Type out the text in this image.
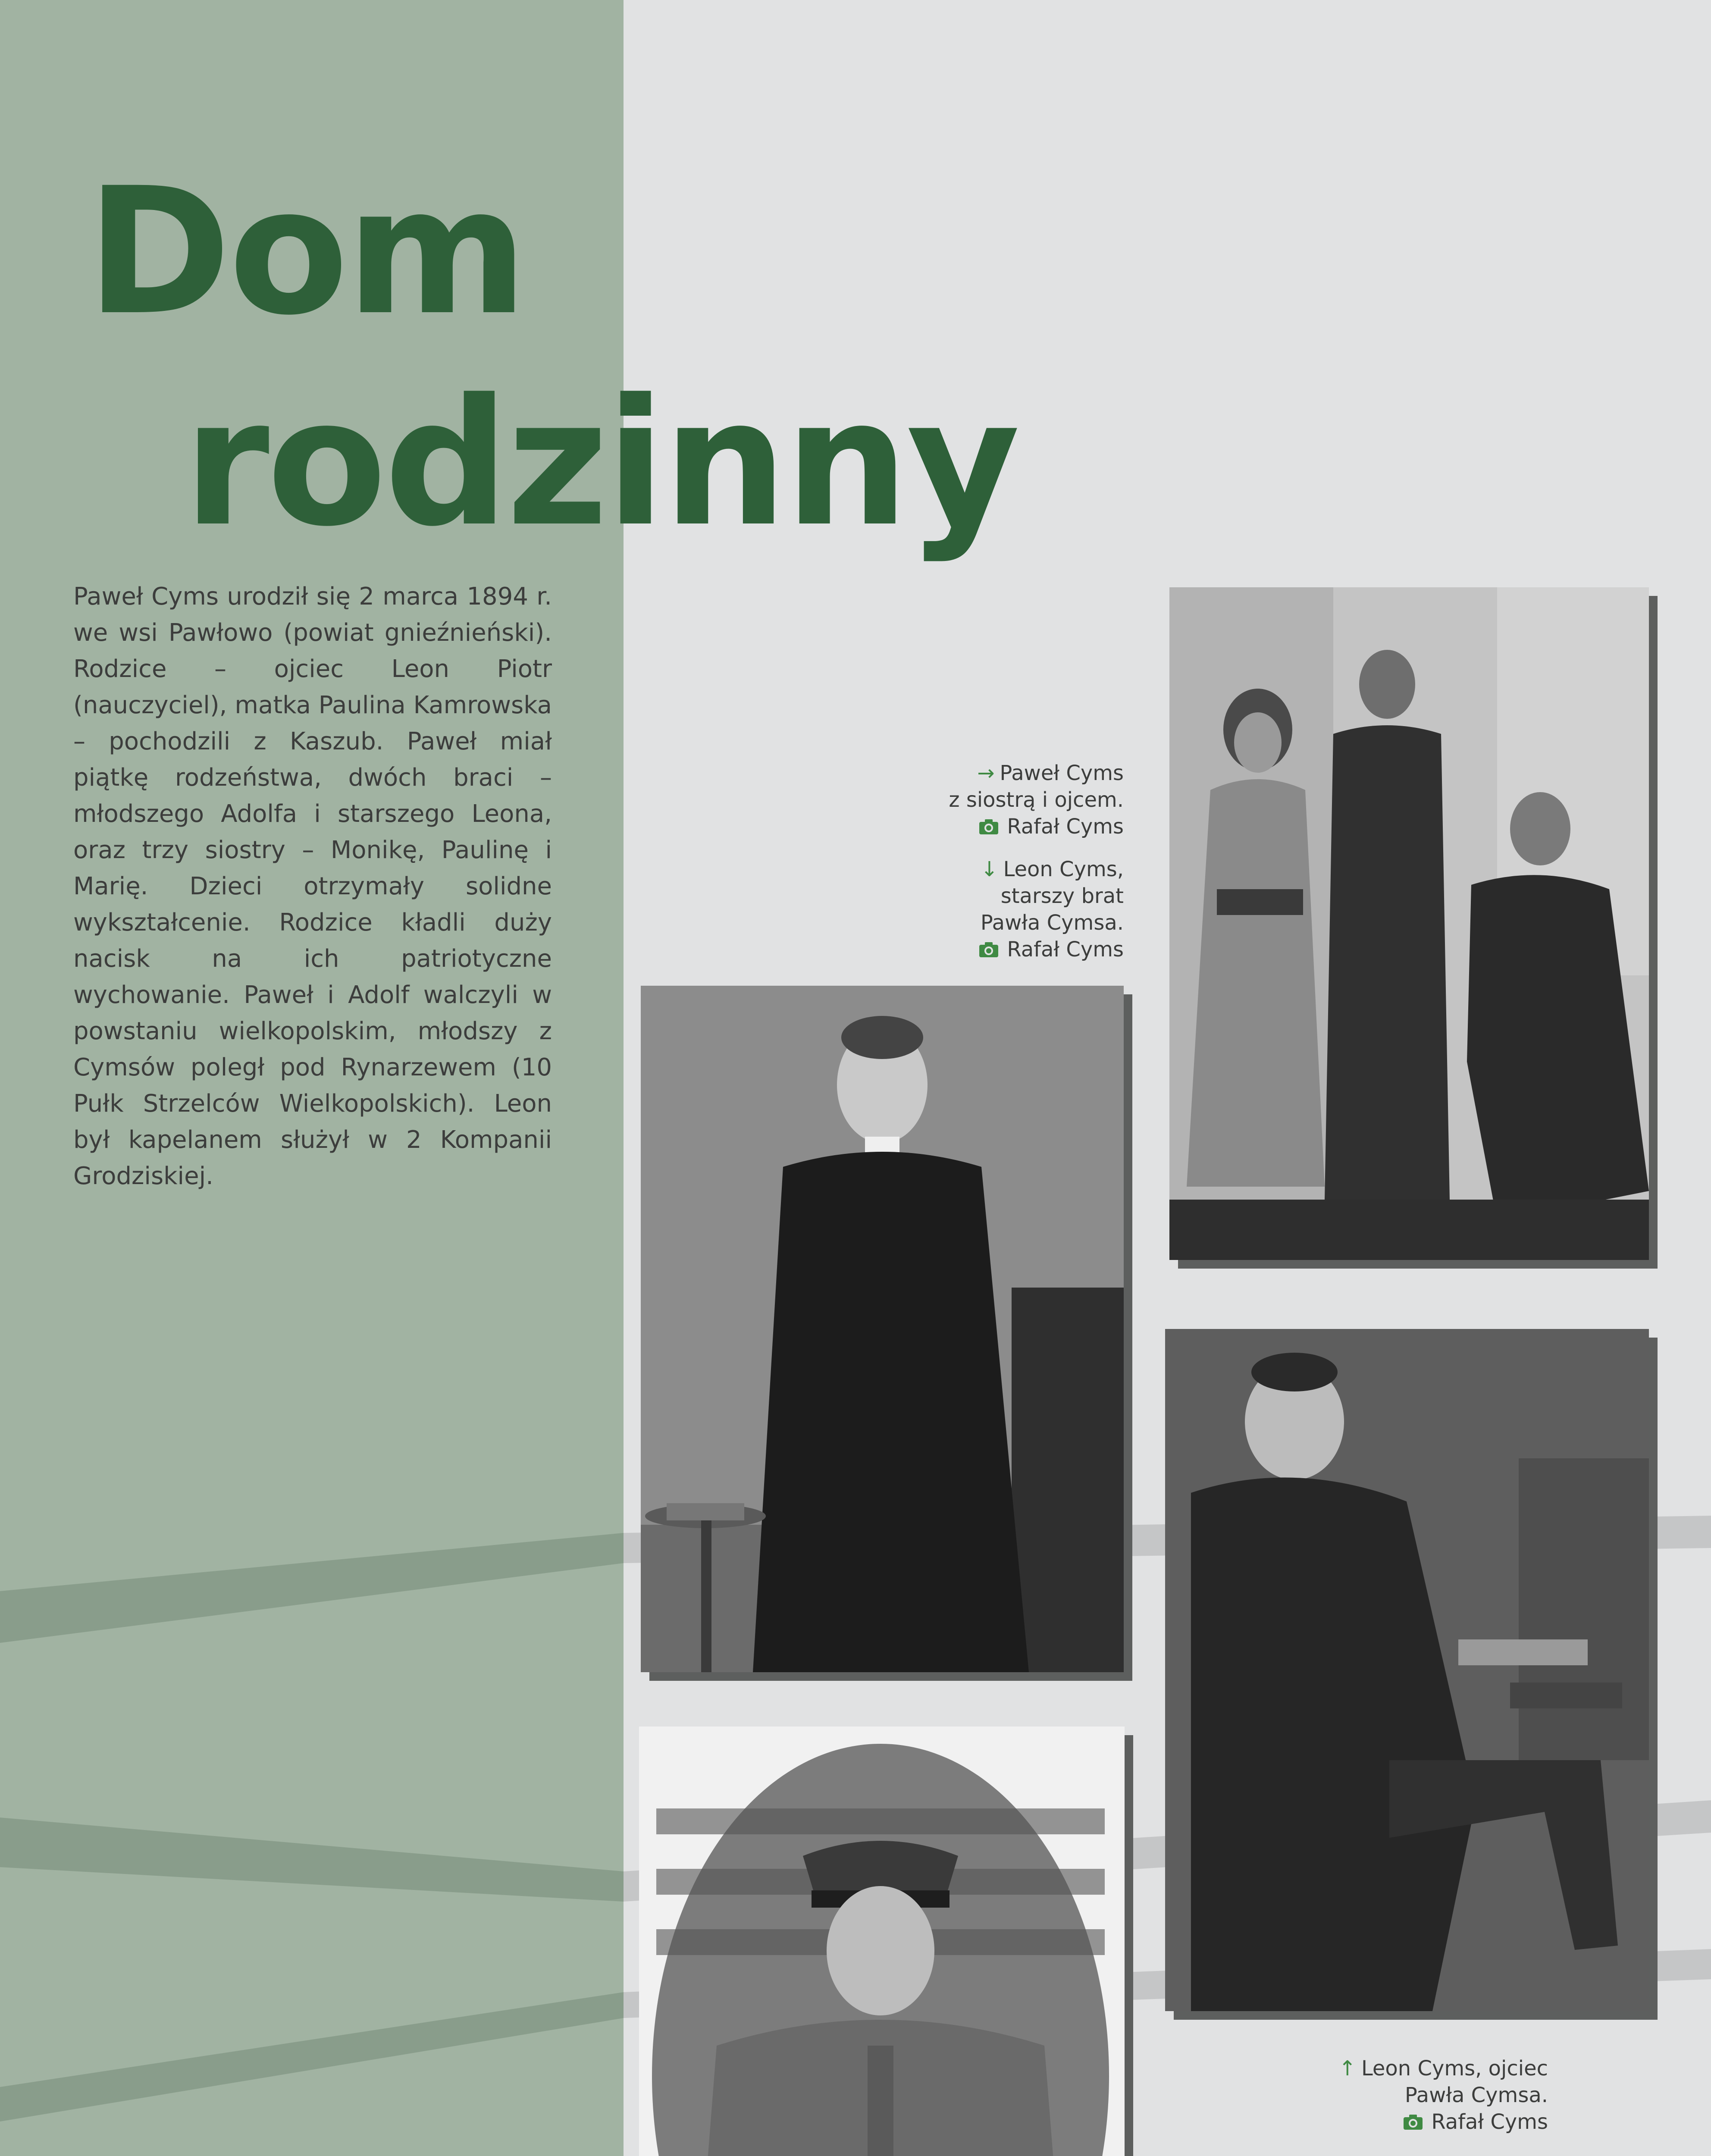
Dom
rodzinny

Paweł Cyms urodził się 2 marca 1894 r. we wsi Pawłowo (powiat gnieźnieński). Rodzice – ojciec Leon Piotr (nauczyciel), matka Paulina Kamrowska – pochodzili z Kaszub. Paweł miał piątkę rodzeństwa, dwóch braci – młodszego Adolfa i starszego Leona, oraz trzy siostry – Monikę, Paulinę i Marię. Dzieci otrzymały solidne wykształcenie. Rodzice kładli duży nacisk na ich patriotyczne wychowanie. Paweł i Adolf walczyli w powstaniu wielkopolskim, młodszy z Cymsów poległ pod Rynarzewem (10 Pułk Strzelców Wielkopolskich). Leon był kapelanem służył w 2 Kompanii Grodziskiej.

→ Paweł Cyms

z siostrą i ojcem.

Rafał Cyms

↓ Leon Cyms,

starszy brat

Pawła Cymsa.

Rafał Cyms

↑ Leon Cyms, ojciec

Pawła Cymsa.

Rafał Cyms
